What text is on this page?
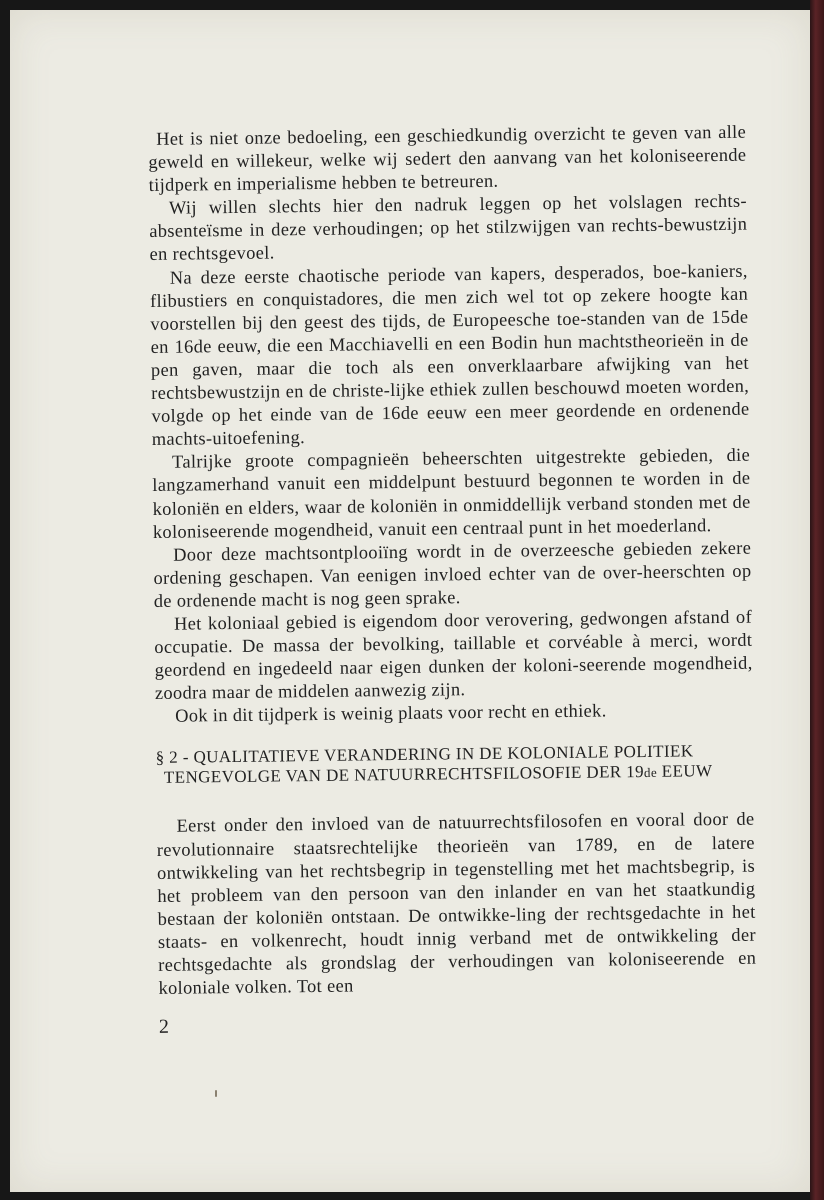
Het is niet onze bedoeling, een geschiedkundig overzicht te geven van alle geweld en willekeur, welke wij sedert den aanvang van het koloniseerende tijdperk en imperialisme hebben te betreuren.

Wij willen slechts hier den nadruk leggen op het volslagen rechts-absenteïsme in deze verhoudingen; op het stilzwijgen van rechts-bewustzijn en rechtsgevoel.

Na deze eerste chaotische periode van kapers, desperados, boe-kaniers, flibustiers en conquistadores, die men zich wel tot op zekere hoogte kan voorstellen bij den geest des tijds, de Europeesche toe-standen van de 15de en 16de eeuw, die een Macchiavelli en een Bodin hun machtstheorieën in de pen gaven, maar die toch als een onverklaarbare afwijking van het rechtsbewustzijn en de christe-lijke ethiek zullen beschouwd moeten worden, volgde op het einde van de 16de eeuw een meer geordende en ordenende machts-uitoefening.

Talrijke groote compagnieën beheerschten uitgestrekte gebieden, die langzamerhand vanuit een middelpunt bestuurd begonnen te worden in de koloniën en elders, waar de koloniën in onmiddellijk verband stonden met de koloniseerende mogendheid, vanuit een centraal punt in het moederland.

Door deze machtsontplooiïng wordt in de overzeesche gebieden zekere ordening geschapen. Van eenigen invloed echter van de over-heerschten op de ordenende macht is nog geen sprake.

Het koloniaal gebied is eigendom door verovering, gedwongen afstand of occupatie. De massa der bevolking, taillable et corvéable à merci, wordt geordend en ingedeeld naar eigen dunken der koloni-seerende mogendheid, zoodra maar de middelen aanwezig zijn.

Ook in dit tijdperk is weinig plaats voor recht en ethiek.

§ 2 - QUALITATIEVE VERANDERING IN DE KOLONIALE POLITIEK
TENGEVOLGE VAN DE NATUURRECHTSFILOSOFIE DER 19de EEUW

Eerst onder den invloed van de natuurrechtsfilosofen en vooral door de revolutionnaire staatsrechtelijke theorieën van 1789, en de latere ontwikkeling van het rechtsbegrip in tegenstelling met het machtsbegrip, is het probleem van den persoon van den inlander en van het staatkundig bestaan der koloniën ontstaan. De ontwikke-ling der rechtsgedachte in het staats- en volkenrecht, houdt innig verband met de ontwikkeling der rechtsgedachte als grondslag der verhoudingen van koloniseerende en koloniale volken. Tot een

2
